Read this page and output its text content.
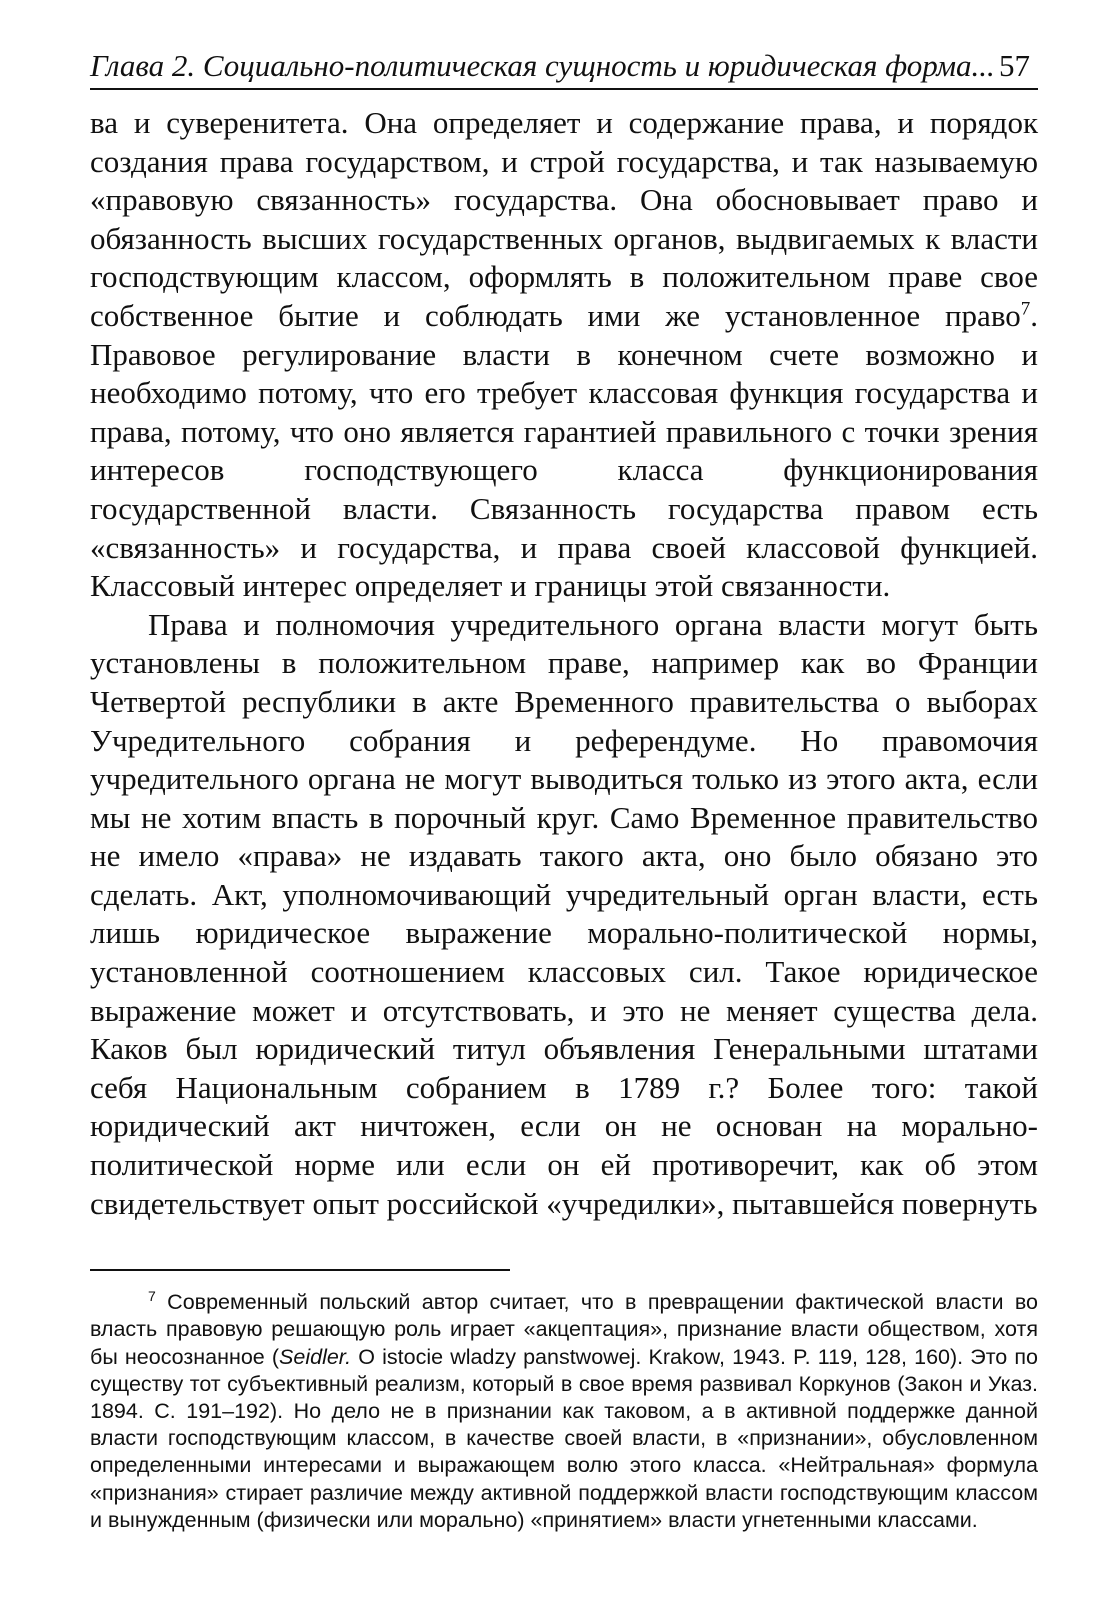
Глава 2. Социально-политическая сущность и юридическая форма... 57

ва и суверенитета. Она определяет и содержание права, и порядок создания права государством, и строй государства, и так называемую «правовую связанность» государства. Она обосновывает право и обязанность высших государственных органов, выдвигаемых к власти господствующим классом, оформлять в положительном праве свое собственное бытие и соблюдать ими же установленное право$^7$. Правовое регулирование власти в конечном счете возможно и необходимо потому, что его требует классовая функция государства и права, потому, что оно является гарантией правильного с точки зрения интересов господствующего класса функционирования государственной власти. Связанность государства правом есть «связанность» и государства, и права своей классовой функцией. Классовый интерес определяет и границы этой связанности.

Права и полномочия учредительного органа власти могут быть установлены в положительном праве, например как во Франции Четвертой республики в акте Временного правительства о выборах Учредительного собрания и референдуме. Но правомочия учредительного органа не могут выводиться только из этого акта, если мы не хотим впасть в порочный круг. Само Временное правительство не имело «права» не издавать такого акта, оно было обязано это сделать. Акт, уполномочивающий учредительный орган власти, есть лишь юридическое выражение морально-политической нормы, установленной соотношением классовых сил. Такое юридическое выражение может и отсутствовать, и это не меняет существа дела. Каков был юридический титул объявления Генеральными штатами себя Национальным собранием в 1789 г.? Более того: такой юридический акт ничтожен, если он не основан на морально-политической норме или если он ей противоречит, как об этом свидетельствует опыт российской «учредилки», пытавшейся повернуть

$^7$ Современный польский автор считает, что в превращении фактической власти во власть правовую решающую роль играет «акцептация», признание власти обществом, хотя бы неосознанное (Seidler. O istocie wladzy panstwowej. Krakow, 1943. P. 119, 128, 160). Это по существу тот субъективный реализм, который в свое время развивал Коркунов (Закон и Указ. 1894. С. 191–192). Но дело не в признании как таковом, а в активной поддержке данной власти господствующим классом, в качестве своей власти, в «признании», обусловленном определенными интересами и выражающем волю этого класса. «Нейтральная» формула «признания» стирает различие между активной поддержкой власти господствующим классом и вынужденным (физически или морально) «принятием» власти угнетенными классами.
